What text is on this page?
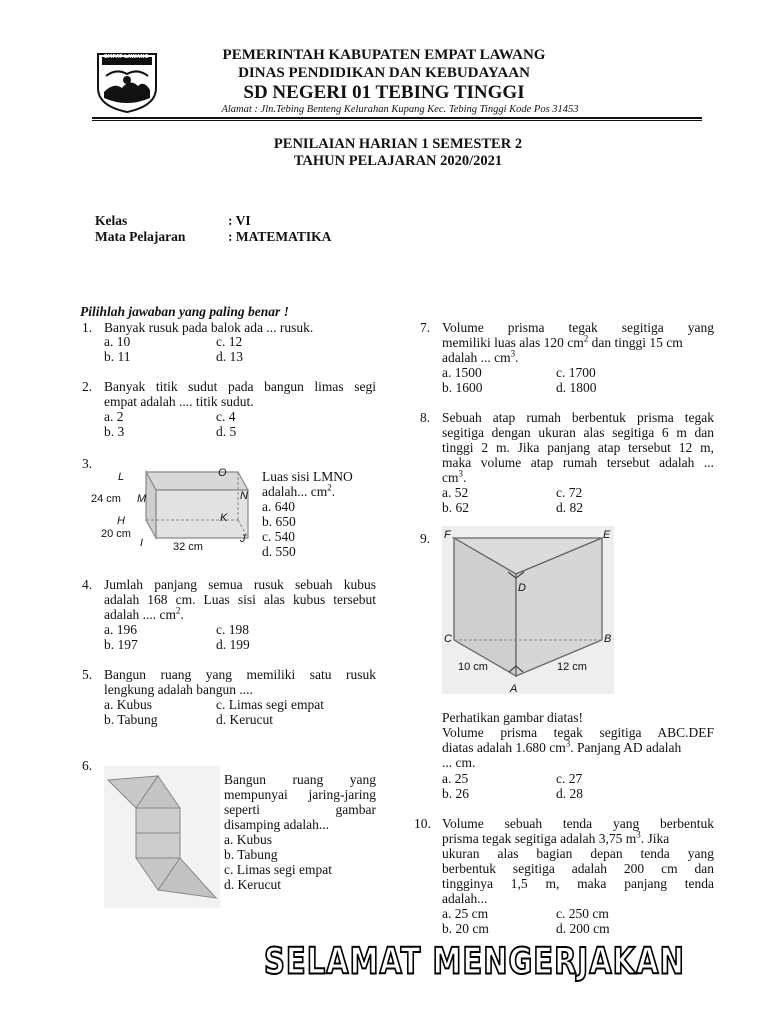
EMPAT LAWANG	PEMERINTAH KABUPATEN EMPAT LAWANG
DINAS PENDIDIKAN DAN KEBUDAYAAN
SD NEGERI 01 TEBING TINGGI
Alamat : Jln.Tebing Benteng Kelurahan Kupang Kec. Tebing Tinggi Kode Pos 31453
PENILAIAN HARIAN 1 SEMESTER 2
TAHUN PELAJARAN 2020/2021
Kelas	: VI
Mata Pelajaran	: MATEMATIKA
Pilihlah jawaban yang paling benar !
1. Banyak rusuk pada balok ada ... rusuk.
a. 10	c. 12
b. 11	d. 13
2. Banyak titik sudut pada bangun limas segi
empat adalah .... titik sudut.
a. 2	c. 4
b. 3	d. 5
3.
L	O
M	N
H	K
I	J
24 cm
20 cm
32 cm
Luas sisi LMNO
adalah... $cm^2$.
a. 640
b. 650
c. 540
d. 550
4. Jumlah panjang semua rusuk sebuah kubus
adalah 168 cm. Luas sisi alas kubus tersebut
adalah .... $cm^2$.
a. 196	c. 198
b. 197	d. 199
5. Bangun ruang yang memiliki satu rusuk
lengkung adalah bangun ....
a. Kubus	c. Limas segi empat
b. Tabung	d. Kerucut
6.
Bangun ruang yang
mempunyai jaring-jaring
seperti gambar
disamping adalah...
a. Kubus
b. Tabung
c. Limas segi empat
d. Kerucut
7. Volume prisma tegak segitiga yang
memiliki luas alas 120 $cm^2$ dan tinggi 15 cm
adalah ... $cm^3$.
a. 1500	c. 1700
b. 1600	d. 1800
8. Sebuah atap rumah berbentuk prisma tegak
segitiga dengan ukuran alas segitiga 6 m dan
tinggi 2 m. Jika panjang atap tersebut 12 m,
maka volume atap rumah tersebut adalah ...
$cm^3$.
a. 52	c. 72
b. 62	d. 82
9. F	E
D
C	B
A
10 cm	12 cm
Perhatikan gambar diatas!
Volume prisma tegak segitiga ABC.DEF
diatas adalah 1.680 $cm^3$. Panjang AD adalah
... cm.
a. 25	c. 27
b. 26	d. 28
10. Volume sebuah tenda yang berbentuk
prisma tegak segitiga adalah 3,75 $m^3$. Jika
ukuran alas bagian depan tenda yang
berbentuk segitiga adalah 200 cm dan
tingginya 1,5 m, maka panjang tenda
adalah...
a. 25 cm	c. 250 cm
b. 20 cm	d. 200 cm
SELAMAT MENGERJAKAN
